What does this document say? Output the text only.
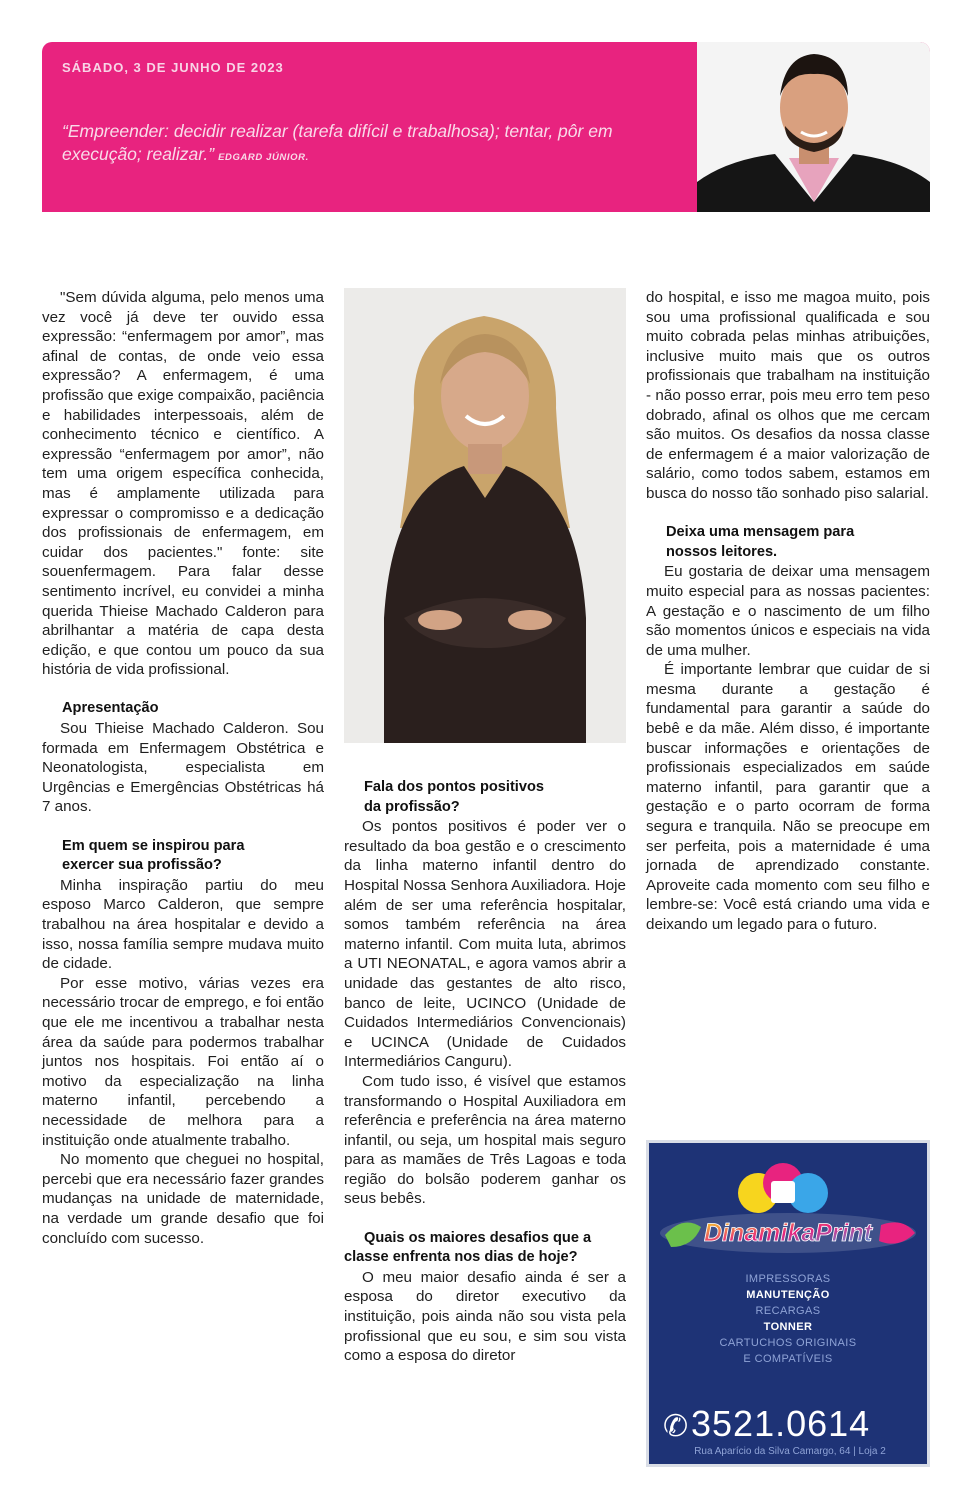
SÁBADO, 3 DE JUNHO DE 2023
“Empreender: decidir realizar (tarefa difícil e trabalhosa); tentar, pôr em execução; realizar.” EDGARD JÚNIOR.

"Sem dúvida alguma, pelo menos uma vez você já deve ter ouvido essa expressão: “enfermagem por amor”, mas afinal de contas, de onde veio essa expressão? A enfermagem, é uma profissão que exige compaixão, paciência e habilidades interpessoais, além de conhecimento técnico e científico. A expressão “enfermagem por amor”, não tem uma origem específica conhecida, mas é amplamente utilizada para expressar o compromisso e a dedicação dos profissionais de enfermagem, em cuidar dos pacientes." fonte: site souenfermagem. Para falar desse sentimento incrível, eu convidei a minha querida Thieise Machado Calderon para abrilhantar a matéria de capa desta edição, e que contou um pouco da sua história de vida profissional.

Apresentação

Sou Thieise Machado Calderon. Sou formada em Enfermagem Obstétrica e Neonatologista, especialista em Urgências e Emergências Obstétricas há 7 anos.

Em quem se inspirou para
exercer sua profissão?

Minha inspiração partiu do meu esposo Marco Calderon, que sempre trabalhou na área hospitalar e devido a isso, nossa família sempre mudava muito de cidade.

Por esse motivo, várias vezes era necessário trocar de emprego, e foi então que ele me incentivou a trabalhar nesta área da saúde para podermos trabalhar juntos nos hospitais. Foi então aí o motivo da especialização na linha materno infantil, percebendo a necessidade de melhora para a instituição onde atualmente trabalho.

No momento que cheguei no hospital, percebi que era necessário fazer grandes mudanças na unidade de maternidade, na verdade um grande desafio que foi concluído com sucesso.

Fala dos pontos positivos
da profissão?

Os pontos positivos é poder ver o resultado da boa gestão e o crescimento da linha materno infantil dentro do Hospital Nossa Senhora Auxiliadora. Hoje além de ser uma referência hospitalar, somos também referência na área materno infantil. Com muita luta, abrimos a UTI NEONATAL, e agora vamos abrir a unidade das gestantes de alto risco, banco de leite, UCINCO (Unidade de Cuidados Intermediários Convencionais) e UCINCA (Unidade de Cuidados Intermediários Canguru).

Com tudo isso, é visível que estamos transformando o Hospital Auxiliadora em referência e preferência na área materno infantil, ou seja, um hospital mais seguro para as mamães de Três Lagoas e toda região do bolsão poderem ganhar os seus bebês.

Quais os maiores desafios que a
classe enfrenta nos dias de hoje?

O meu maior desafio ainda é ser a esposa do diretor executivo da instituição, pois ainda não sou vista pela profissional que eu sou, e sim sou vista como a esposa do diretor

do hospital, e isso me magoa muito, pois sou uma profissional qualificada e sou muito cobrada pelas minhas atribuições, inclusive muito mais que os outros profissionais que trabalham na instituição - não posso errar, pois meu erro tem peso dobrado, afinal os olhos que me cercam são muitos. Os desafios da nossa classe de enfermagem é a maior valorização de salário, como todos sabem, estamos em busca do nosso tão sonhado piso salarial.

Deixa uma mensagem para
nossos leitores.

Eu gostaria de deixar uma mensagem muito especial para as nossas pacientes: A gestação e o nascimento de um filho são momentos únicos e especiais na vida de uma mulher.

É importante lembrar que cuidar de si mesma durante a gestação é fundamental para garantir a saúde do bebê e da mãe. Além disso, é importante buscar informações e orientações de profissionais especializados em saúde materno infantil, para garantir que a gestação e o parto ocorram de forma segura e tranquila. Não se preocupe em ser perfeita, pois a maternidade é uma jornada de aprendizado constante. Aproveite cada momento com seu filho e lembre-se: Você está criando uma vida e deixando um legado para o futuro.

DinamikaPrint
IMPRESSORAS
MANUTENÇÃO
RECARGAS
TONNER
CARTUCHOS ORIGINAIS
E COMPATÍVEIS
✆3521.0614
Rua Aparício da Silva Camargo, 64 | Loja 2
